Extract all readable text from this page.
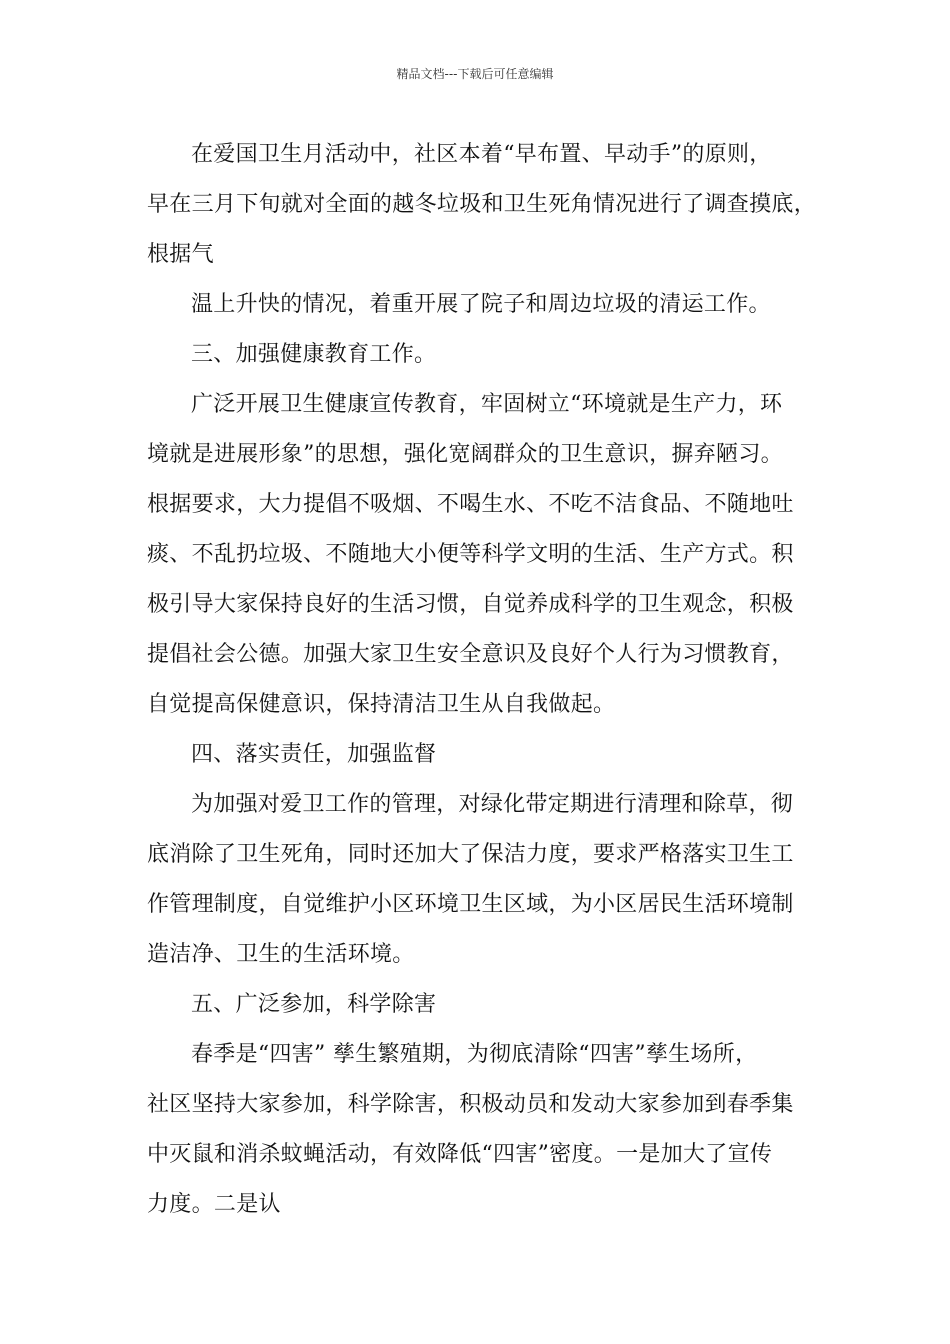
精品文档---下载后可任意编辑
在爱国卫生月活动中，社区本着“早布置、早动手”的原则，
早在三月下旬就对全面的越冬垃圾和卫生死角情况进行了调查摸底，
根据气
温上升快的情况，着重开展了院子和周边垃圾的清运工作。
三、加强健康教育工作。
广泛开展卫生健康宣传教育，牢固树立“环境就是生产力，环
境就是进展形象”的思想，强化宽阔群众的卫生意识，摒弃陋习。
根据要求，大力提倡不吸烟、不喝生水、不吃不洁食品、不随地吐
痰、不乱扔垃圾、不随地大小便等科学文明的生活、生产方式。积
极引导大家保持良好的生活习惯，自觉养成科学的卫生观念，积极
提倡社会公德。加强大家卫生安全意识及良好个人行为习惯教育，
自觉提高保健意识，保持清洁卫生从自我做起。
四、落实责任，加强监督
为加强对爱卫工作的管理，对绿化带定期进行清理和除草，彻
底消除了卫生死角，同时还加大了保洁力度，要求严格落实卫生工
作管理制度，自觉维护小区环境卫生区域，为小区居民生活环境制
造洁净、卫生的生活环境。
五、广泛参加，科学除害
春季是“四害” 孳生繁殖期，为彻底清除“四害”孳生场所，
社区坚持大家参加，科学除害，积极动员和发动大家参加到春季集
中灭鼠和消杀蚊蝇活动，有效降低“四害”密度。一是加大了宣传
力度。二是认
